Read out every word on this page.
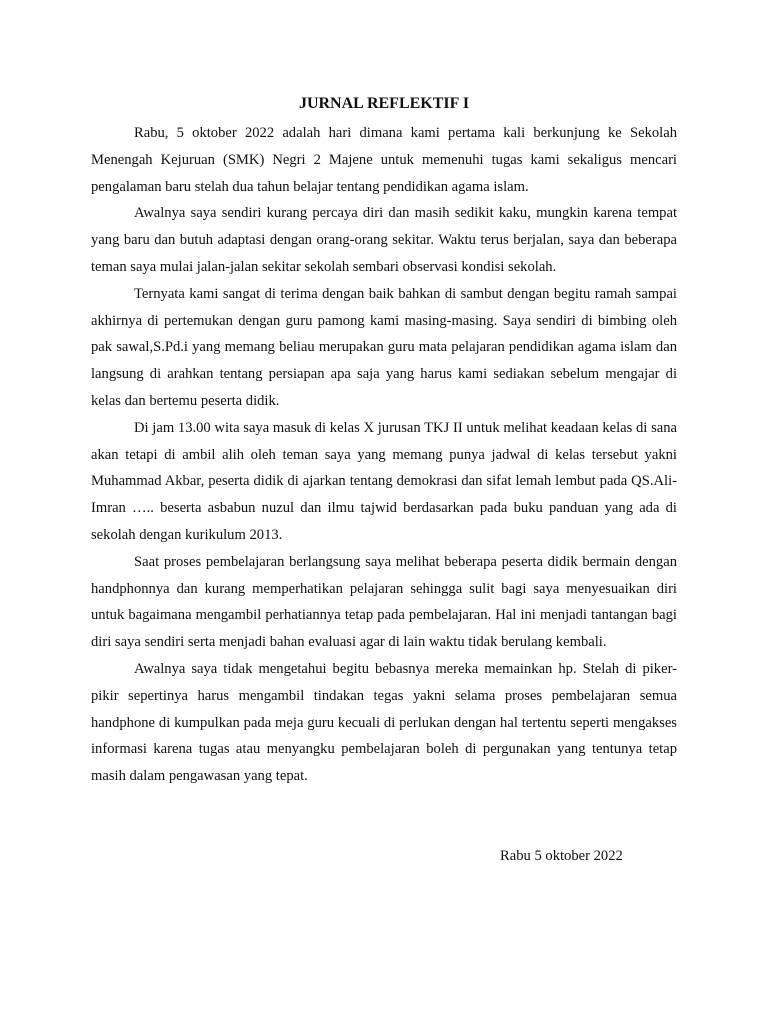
JURNAL REFLEKTIF I

Rabu, 5 oktober 2022 adalah hari dimana kami pertama kali berkunjung ke Sekolah Menengah Kejuruan (SMK) Negri 2 Majene untuk memenuhi tugas kami sekaligus mencari pengalaman baru stelah dua tahun belajar tentang pendidikan agama islam.

Awalnya saya sendiri kurang percaya diri dan masih sedikit kaku, mungkin karena tempat yang baru dan butuh adaptasi dengan orang-orang sekitar. Waktu terus berjalan, saya dan beberapa teman saya mulai jalan-jalan sekitar sekolah sembari observasi kondisi sekolah.

Ternyata kami sangat di terima dengan baik bahkan di sambut dengan begitu ramah sampai akhirnya di pertemukan dengan guru pamong kami masing-masing. Saya sendiri di bimbing oleh pak sawal,S.Pd.i yang memang beliau merupakan guru mata pelajaran pendidikan agama islam dan langsung di arahkan tentang persiapan apa saja yang harus kami sediakan sebelum mengajar di kelas dan bertemu peserta didik.

Di jam 13.00 wita saya masuk di kelas X jurusan TKJ II untuk melihat keadaan kelas di sana akan tetapi di ambil alih oleh teman saya yang memang punya jadwal di kelas tersebut yakni Muhammad Akbar, peserta didik di ajarkan tentang demokrasi dan sifat lemah lembut pada QS.Ali-Imran ….. beserta asbabun nuzul dan ilmu tajwid berdasarkan pada buku panduan yang ada di sekolah dengan kurikulum 2013.

Saat proses pembelajaran berlangsung saya melihat beberapa peserta didik bermain dengan handphonnya dan kurang memperhatikan pelajaran sehingga sulit bagi saya menyesuaikan diri untuk bagaimana mengambil perhatiannya tetap pada pembelajaran. Hal ini menjadi tantangan bagi diri saya sendiri serta menjadi bahan evaluasi agar di lain waktu tidak berulang kembali.

Awalnya saya tidak mengetahui begitu bebasnya mereka memainkan hp. Stelah di piker-pikir sepertinya harus mengambil tindakan tegas yakni selama proses pembelajaran semua handphone di kumpulkan pada meja guru kecuali di perlukan dengan hal tertentu seperti mengakses informasi karena tugas atau menyangku pembelajaran boleh di pergunakan yang tentunya tetap masih dalam pengawasan yang tepat.

Rabu 5 oktober 2022
